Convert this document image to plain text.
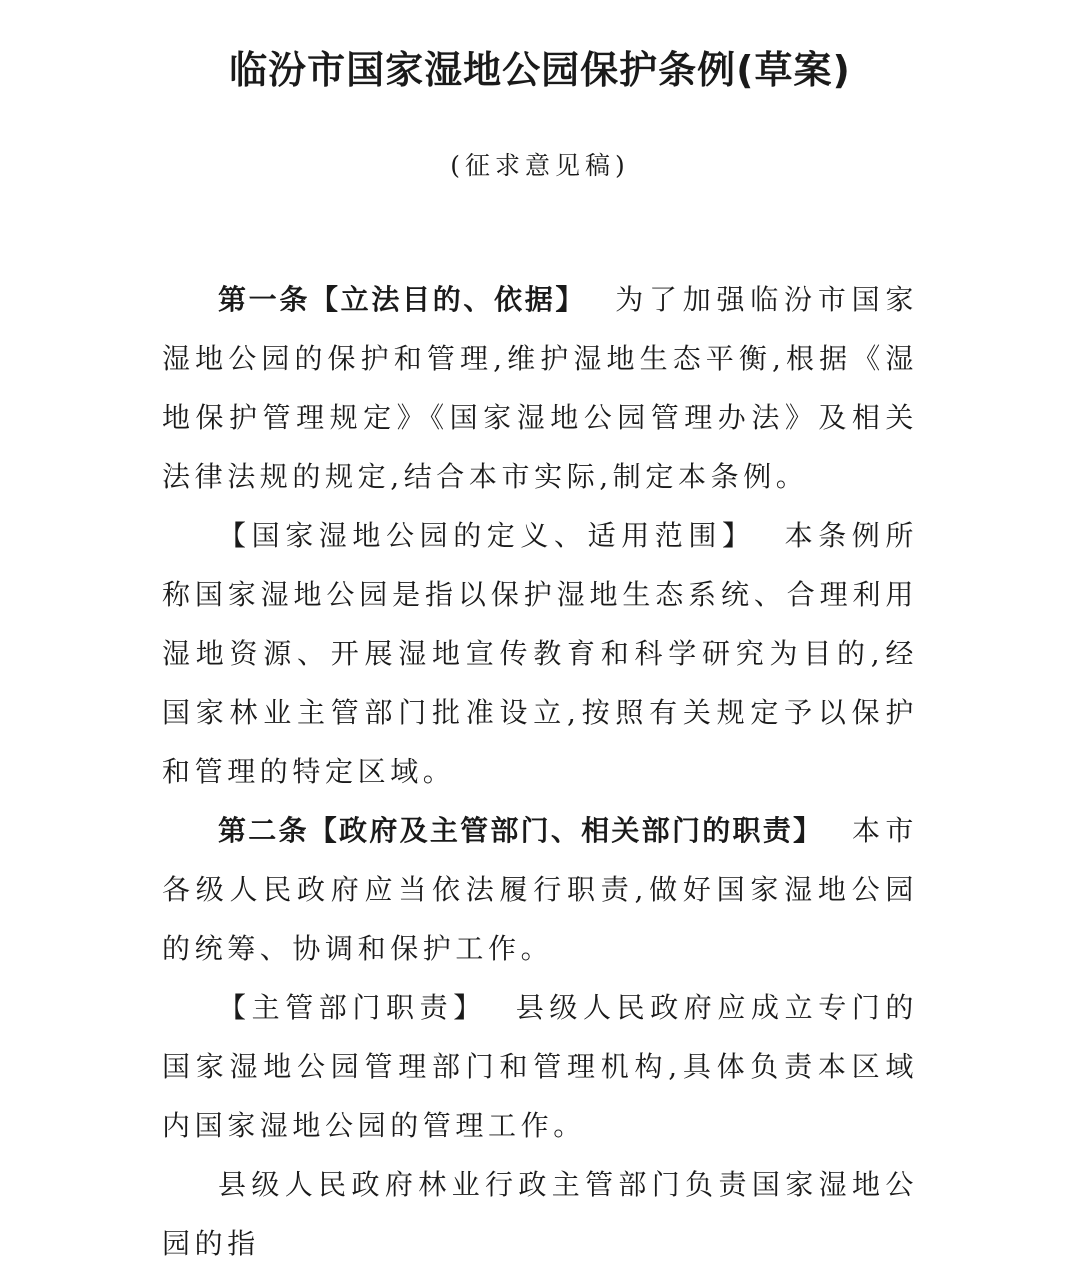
临汾市国家湿地公园保护条例(草案)
(征求意见稿)

第一条【立法目的、依据】 为了加强临汾市国家湿地公园的保护和管理,维护湿地生态平衡,根据《湿地保护管理规定》《国家湿地公园管理办法》及相关法律法规的规定,结合本市实际,制定本条例。

【国家湿地公园的定义、适用范围】 本条例所称国家湿地公园是指以保护湿地生态系统、合理利用湿地资源、开展湿地宣传教育和科学研究为目的,经国家林业主管部门批准设立,按照有关规定予以保护和管理的特定区域。

第二条【政府及主管部门、相关部门的职责】 本市各级人民政府应当依法履行职责,做好国家湿地公园的统筹、协调和保护工作。

【主管部门职责】 县级人民政府应成立专门的国家湿地公园管理部门和管理机构,具体负责本区域内国家湿地公园的管理工作。

县级人民政府林业行政主管部门负责国家湿地公园的指
